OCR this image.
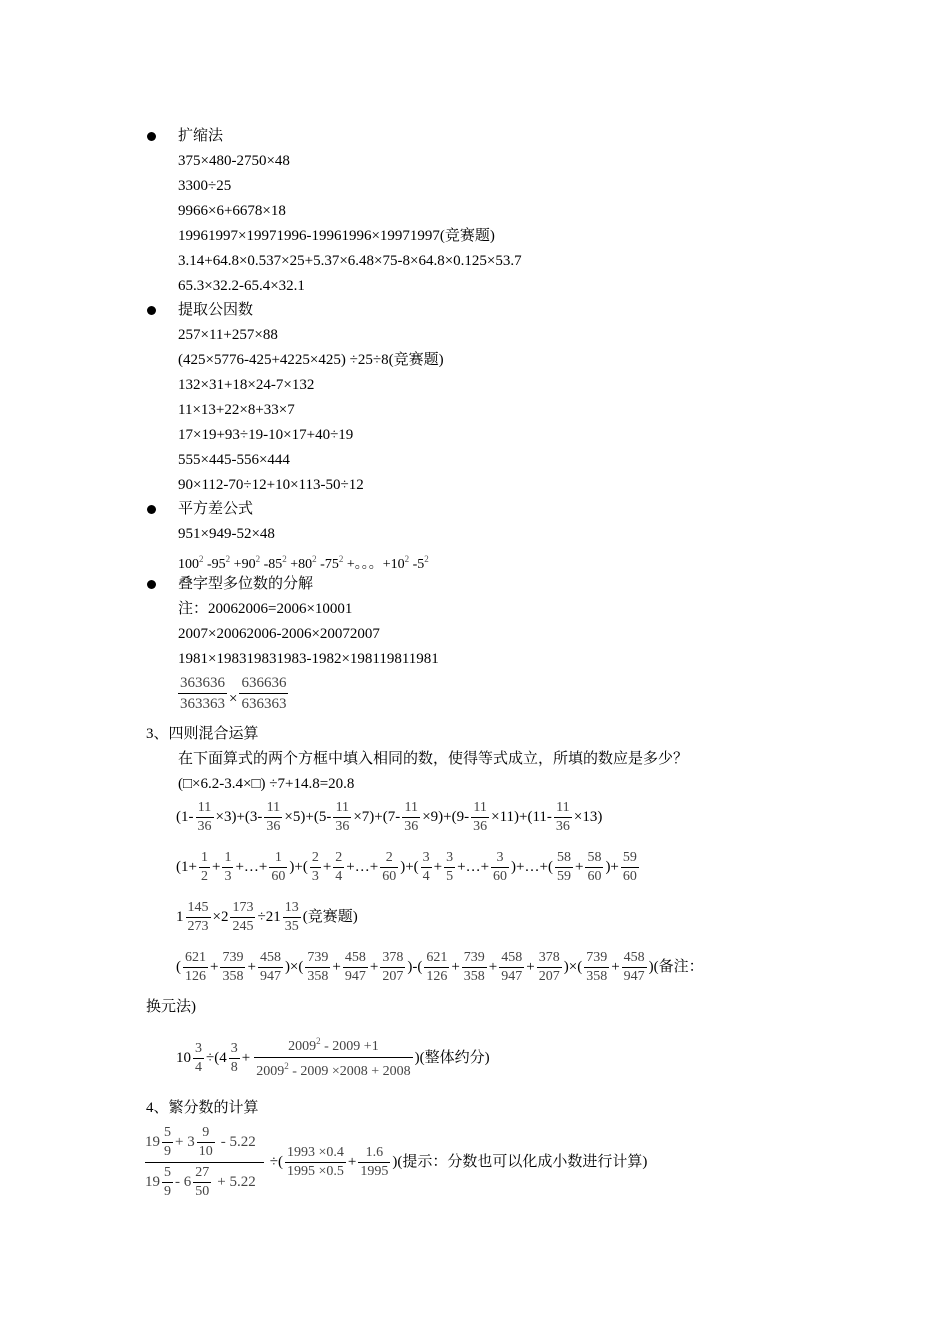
扩缩法
375×480-2750×48
3300÷25
9966×6+6678×18
19961997×19971996-19961996×19971997(竞赛题)
3.14+64.8×0.537×25+5.37×6.48×75-8×64.8×0.125×53.7
65.3×32.2-65.4×32.1
提取公因数
257×11+257×88
(425×5776-425+4225×425) ÷25÷8(竞赛题)
132×31+18×24-7×132
11×13+22×8+33×7
17×19+93÷19-10×17+40÷19
555×445-556×444
90×112-70÷12+10×113-50÷12
平方差公式
951×949-52×48
$100^2$ $-95^2 +90^2$ $-85^2 +80^2$ $-75^2$ +。。。$+10^2$ $-5^2$
叠字型多位数的分解
注：20062006=2006×10001
2007×20062006-2006×20072007
1981×198319831983-1982×198119811981
$\frac{363636}{363363} \times \frac{636636}{636363}$
3、四则混合运算
在下面算式的两个方框中填入相同的数，使得等式成立，所填的数应是多少？
(□×6.2-3.4×□) ÷7+14.8=20.8
$(1- \frac{11}{36} \times 3)+(3- \frac{11}{36} \times 5)+(5- \frac{11}{36} \times 7)+(7- \frac{11}{36} \times 9)+(9- \frac{11}{36} \times 11)+(11- \frac{11}{36} \times 13)$
($1+ \frac{1}{2} + \frac{1}{3}$ +…+ $\frac{1}{60}$ )+( $\frac{2}{3} + \frac{2}{4}$ +…+ $\frac{2}{60}$ )+( $\frac{3}{4} + \frac{3}{5}$ +…+ $\frac{3}{60}$ )+…+( $\frac{58}{59} + \frac{58}{60}$ )+ $\frac{59}{60}$
$1 \frac{145}{273} \times 2 \frac{173}{245} \div 21 \frac{13}{35}$ (竞赛题)
( $\frac{621}{126} + \frac{739}{358} + \frac{458}{947}$ )×( $\frac{739}{358} + \frac{458}{947} + \frac{378}{207}$ )-( $\frac{621}{126} + \frac{739}{358} + \frac{458}{947} + \frac{378}{207}$ )×( $\frac{739}{358} + \frac{458}{947}$ )(备注：
换元法)
$10 \frac{3}{4} \div(4 \frac{3}{8} + \frac{2009^2 - 2009 +1}{2009^2 - 2009 \times 2008 + 2008}$ )(整体约分)
4、繁分数的计算
$\frac{19 \frac{5}{9} + 3 \frac{9}{10} - 5.22}{19 \frac{5}{9} - 6 \frac{27}{50} + 5.22}$ ÷( $\frac{1993 \times 0.4}{1995 \times 0.5} + \frac{1.6}{1995}$ )(提示：分数也可以化成小数进行计算)
